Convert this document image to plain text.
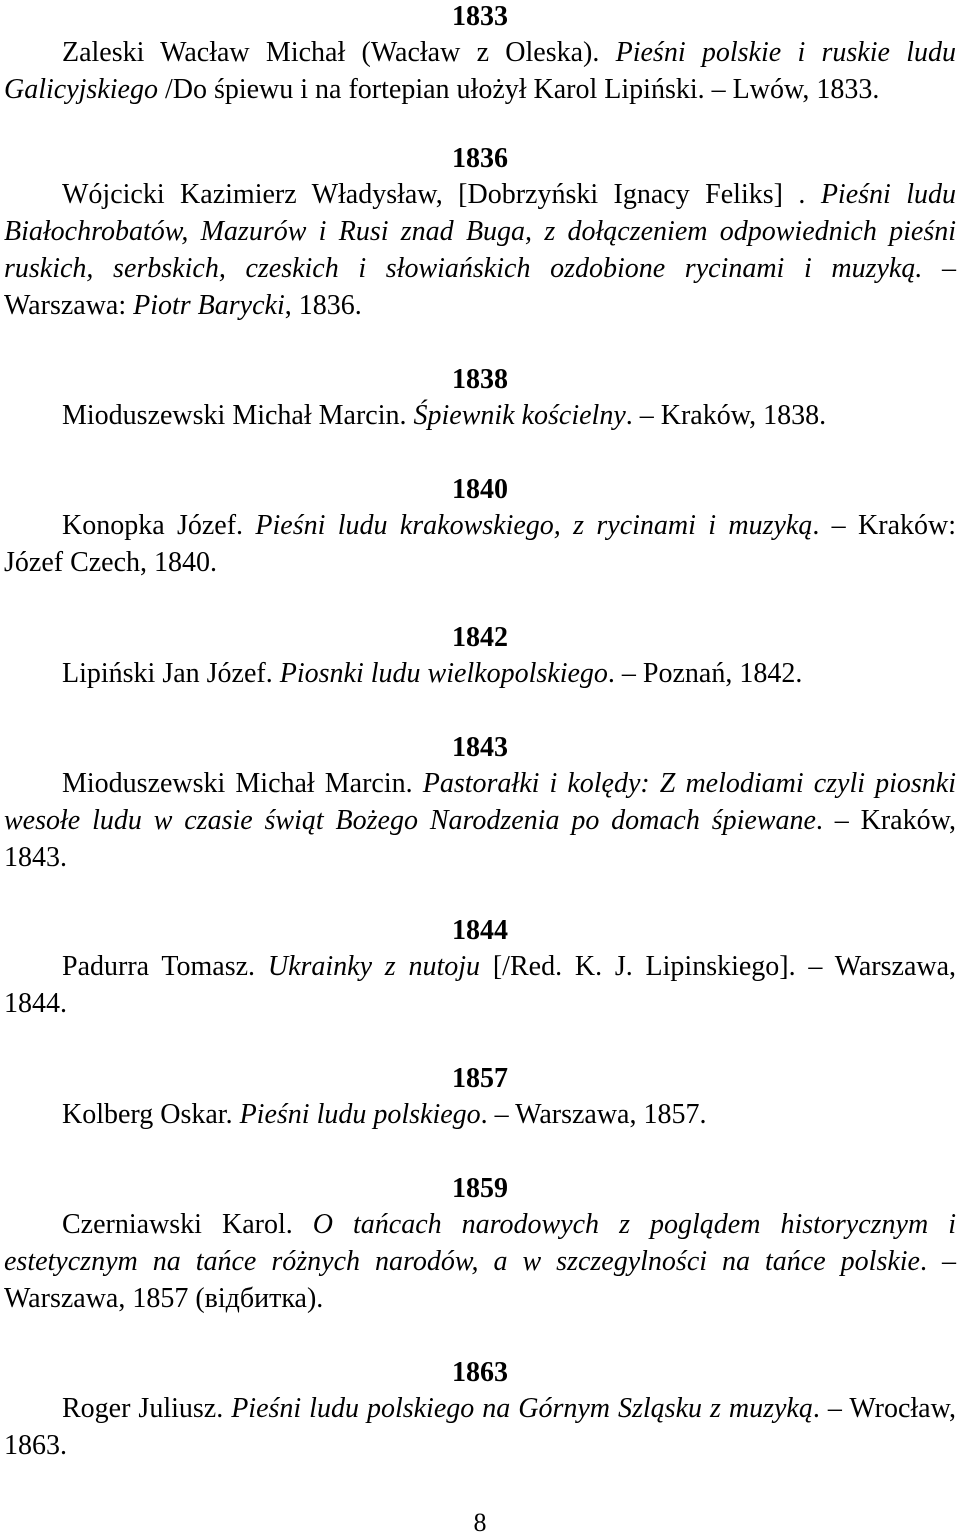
1833

Zaleski Wacław Michał (Wacław z Oleska). Pieśni polskie i ruskie ludu Galicyjskiego /Do śpiewu i na fortepian ułożył Karol Lipiński. – Lwów, 1833.

1836

Wójcicki Kazimierz Władysław, [Dobrzyński Ignacy Feliks] . Pieśni ludu Białochrobatów, Mazurów i Rusi znad Buga, z dołączeniem odpowiednich pieśni ruskich, serbskich, czeskich i słowiańskich ozdobione rycinami i muzyką. – Warszawa: Piotr Barycki, 1836.

1838

Mioduszewski Michał Marcin. Śpiewnik kościelny. – Kraków, 1838.

1840

Konopka Józef. Pieśni ludu krakowskiego, z rycinami i muzyką. – Kraków: Józef Czech, 1840.

1842

Lipiński Jan Józef. Piosnki ludu wielkopolskiego. – Poznań, 1842.

1843

Mioduszewski Michał Marcin. Pastorałki i kolędy: Z melodiami czyli piosnki wesołe ludu w czasie świąt Bożego Narodzenia po domach śpiewane. – Kraków, 1843.

1844

Padurra Tomasz. Ukrainky z nutoju [/Red. K. J. Lipinskiego]. – Warszawa, 1844.

1857

Kolberg Oskar. Pieśni ludu polskiego. – Warszawa, 1857.

1859

Czerniawski Karol. O tańcach narodowych z poglądem historycznym i estetycznym na tańce różnych narodów, a w szczegylności na tańce polskie. – Warszawa, 1857 (відбитка).

1863

Roger Juliusz. Pieśni ludu polskiego na Górnym Szląsku z muzyką. – Wrocław, 1863.

8
